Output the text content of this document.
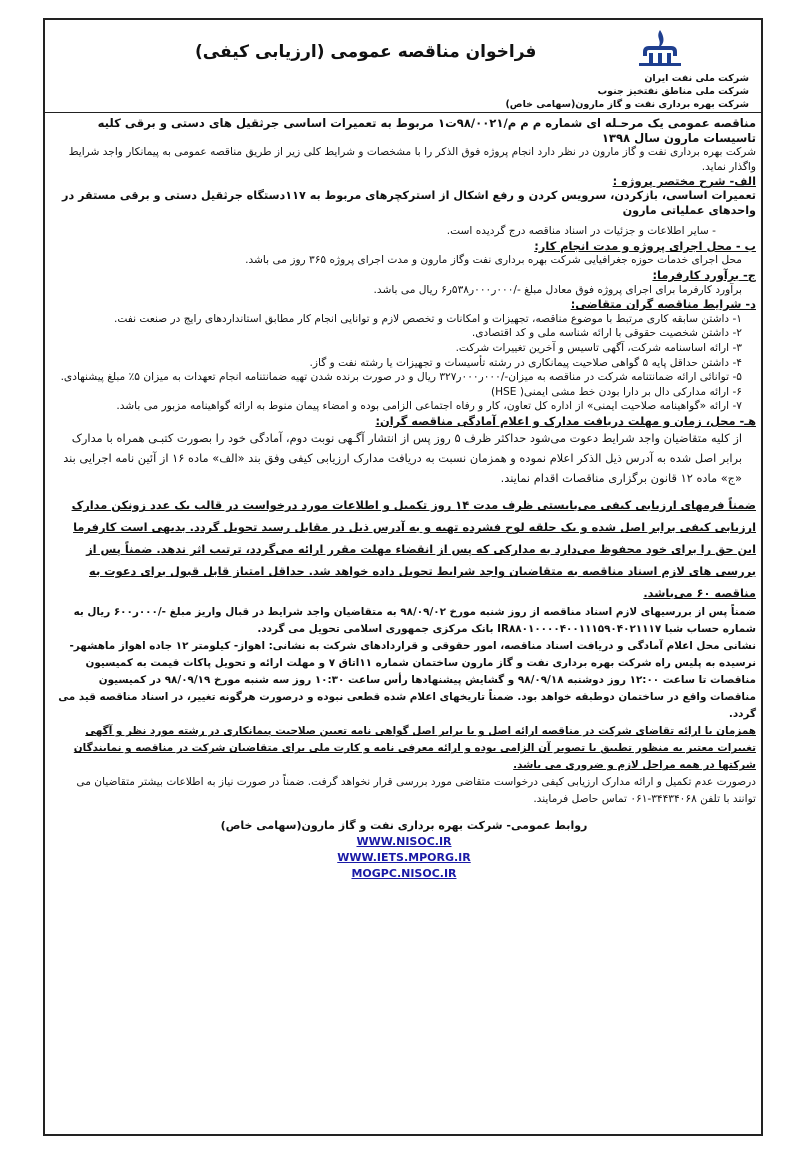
فراخوان مناقصه عمومی (ارزیابی کیفی)
شرکت ملی نفت ایران
شرکت ملی مناطق نفتخیز جنوب
شرکت بهره برداری نفت و گاز مارون(سهامی خاص)

مناقصه عمومی یک مرحـله ای شماره م م م/۹۸/۰۰۲۱ت۱ مربوط به تعمیرات اساسی جرثقیل های دستی و برقی کلیه تاسیسات مارون سال ۱۳۹۸

شرکت بهره برداری نفت و گاز مارون در نظر دارد انجام پروژه فوق الذکر را با مشخصات و شرایط کلی زیر از طریق مناقصه عمومی به پیمانکار واجد شرایط واگذار نماید.

الف- شرح مختصر پروژه :

تعمیرات اساسی، بازکردن، سرویس کردن و رفع اشکال از استرکچرهای مربوط به ۱۱۷دستگاه جرثقیل دستی و برقی مستقر در واحدهای عملیاتی مارون

- سایر اطلاعات و جزئیات در اسناد مناقصه درج گردیده است.

ب - محل اجرای پروژه و مدت انجام کار:

محل اجرای خدمات حوزه جغرافیایی شرکت بهره برداری نفت وگاز مارون و مدت اجرای پروژه ۳۶۵ روز می باشد.

ج- برآورد کارفرما:

برآورد کارفرما برای اجرای پروژه فوق معادل مبلغ -/۰۰۰ر۰۰۰ر۵۳۸ر۶ ریال می باشد.

د- شرایط مناقصه گران متقاضی:

۱- داشتن سابقه کاری مرتبط با موضوع مناقصه، تجهیزات و امکانات و تخصص لازم و توانایی انجام کار مطابق استانداردهای رایج در صنعت نفت.

۲- داشتن شخصیت حقوقی با ارائه شناسه ملی و کد اقتصادی.

۳- ارائه اساسنامه شرکت، آگهی تاسیس و آخرین تغییرات شرکت.

۴- داشتن حداقل پایه ۵ گواهی صلاحیت پیمانکاری در رشته تأسیسات و تجهیزات یا رشته نفت و گاز.

۵- توانائی ارائه ضمانتنامه شرکت در مناقصه به میزان-/۰۰۰ر۰۰۰ر۳۲۷ ریال و در صورت برنده شدن تهیه ضمانتنامه انجام تعهدات به میزان ۵٪ مبلغ پیشنهادی.

۶- ارائه مدارکی دال بر دارا بودن خط مشی ایمنی( HSE)

۷- ارائه «گواهینامه صلاحیت ایمنی» از اداره کل تعاون، کار و رفاه اجتماعی الزامی بوده و امضاء پیمان منوط به ارائه گواهینامه مزبور می باشد.

هـ- محل، زمان و مهلت دریافت مدارک و اعلام آمادگی مناقصه گران:

از کلیه متقاضیان واجد شرایط دعوت می‌شود حداکثر ظرف ۵ روز پس از انتشار آگـهی نوبت دوم، آمادگی خود را بصورت کتبـی همراه با مدارک برابر اصل شده به آدرس ذیل الذکر اعلام نموده و همزمان نسبت به دریافت مدارک ارزیابی کیفی وفق بند «الف» ماده ۱۶ از آئین نامه اجرایی بند «ج» ماده ۱۲ قانون برگزاری مناقصات اقدام نمایند.

ضمناً فرمهای ارزیابی کیفی می‌بایستی ظرف مدت ۱۴ روز تکمیل و اطلاعات مورد درخواست در قالب یک عدد زونکن مدارک ارزیابی کیفی برابر اصل شده و یک حلقه لوح فشرده تهیه و به آدرس ذیل در مقابل رسید تحویل گردد. بدیهی است کارفرما این حق را برای خود محفوظ می‌دارد به مدارکی که پس از انقضاء مهلت مقرر ارائه می‌گردد، ترتیب اثر ندهد. ضمناً پس از بررسی های لازم اسناد مناقصه به متقاضیان واجد شرایط تحویل داده خواهد شد. حداقل امتیاز قابل قبول برای دعوت به مناقصه ۶۰ می‌باشد.

ضمناً پس از بررسیهای لازم اسناد مناقصه از روز شنبه مورخ ۹۸/۰۹/۰۲ به متقاضیان واجد شرایط در قبال واریز مبلغ -/۰۰۰ر۶۰۰ ریال به شماره حساب شبا IR۸۸۰۱۰۰۰۰۴۰۰۱۱۱۵۹۰۴۰۲۱۱۱۷ بانک مرکزی جمهوری اسلامی تحویل می گردد.

نشانی محل اعلام آمادگی و دریافت اسناد مناقصه، امور حقوقی و قراردادهای شرکت به نشانی: اهواز- کیلومتر ۱۲ جاده اهواز ماهشهر- نرسیده به پلیس راه شرکت بهره برداری نفت و گاز مارون ساختمان شماره ۱۱اتاق ۷ و مهلت ارائه و تحویل پاکات قیمت به کمیسیون مناقصات تا ساعت ۱۲:۰۰ روز دوشنبه ۹۸/۰۹/۱۸ و گشایش پیشنهادها رأس ساعت ۱۰:۳۰ روز سه شنبه مورخ ۹۸/۰۹/۱۹ در کمیسیون مناقصات واقع در ساختمان دوطبقه خواهد بود. ضمناً تاریخهای اعلام شده قطعی نبوده و درصورت هرگونه تغییر، در اسناد مناقصه قید می گردد.

همزمان با ارائه تقاضای شرکت در مناقصه ارائه اصل و یا برابر اصل گواهی نامه تعیین صلاحیت پیمانکاری در رشته مورد نظر و آگهی تغییرات معتبر به منظور تطبیق با تصویر آن الزامی بوده و ارائه معرفی نامه و کارت ملی برای متقاضیان شرکت در مناقصه و نمایندگان شرکتها در همه مراحل لازم و ضروری می باشد.

درصورت عدم تکمیل و ارائه مدارک ارزیابی کیفی درخواست متقاضی مورد بررسی قرار نخواهد گرفت. ضمناً در صورت نیاز به اطلاعات بیشتر متقاضیان می توانند با تلفن ۳۴۴۳۴۰۶۸-۰۶۱ تماس حاصل فرمایند.

روابط عمومی- شرکت بهره برداری نفت و گاز مارون(سهامی خاص)
WWW.NISOC.IR
WWW.IETS.MPORG.IR
MOGPC.NISOC.IR
